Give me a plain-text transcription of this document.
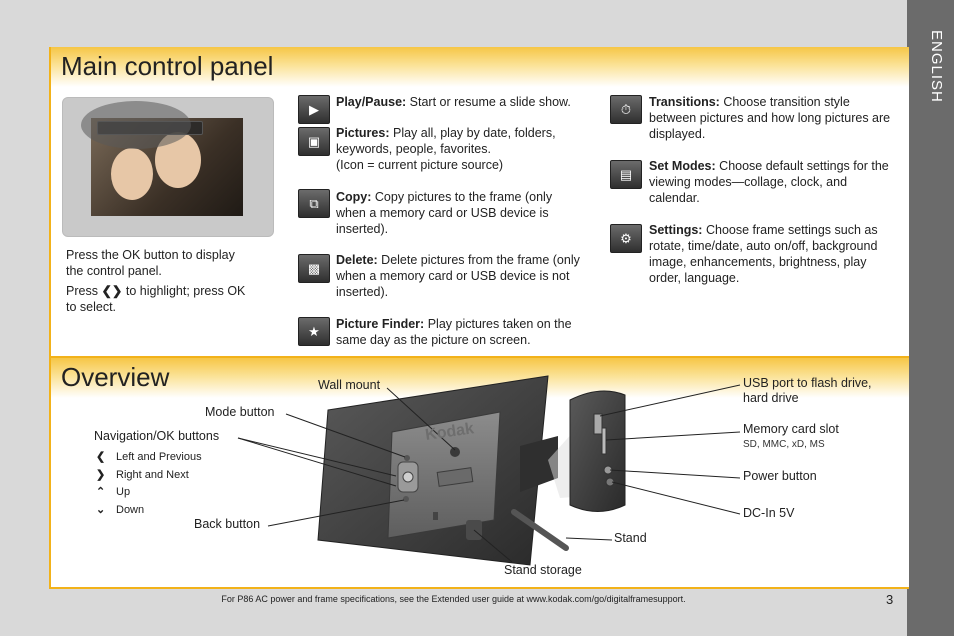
ENGLISH
Main control panel
Overview
Press the OK button to display the control panel.
Press ❮❯ to highlight; press OK to select.
▶
▣
⧉
▩
★
Play/Pause: Start or resume a slide show.
Pictures: Play all, play by date, folders, keywords, people, favorites.
(Icon = current picture source)
Copy: Copy pictures to the frame (only when a memory card or USB device is inserted).
Delete: Delete pictures from the frame (only when a memory card or USB device is not inserted).
Picture Finder: Play pictures taken on the same day as the picture on screen.
⏱
▤
⚙
Transitions: Choose transition style between pictures and how long pictures are displayed.
Set Modes: Choose default settings for the viewing modes—collage, clock, and calendar.
Settings: Choose frame settings such as rotate, time/date, auto on/off, background image, enhancements, brightness, play order, language.
Kodak
Wall mount
Mode button
Navigation/OK buttons
❮ Left and Previous
❯ Right and Next
⌃ Up
⌄ Down
Back button
USB port to flash drive, hard drive
Memory card slot
SD, MMC, xD, MS
Power button
DC-In 5V
Stand
Stand storage
For P86 AC power and frame specifications, see the Extended user guide at www.kodak.com/go/digitalframesupport.	3
